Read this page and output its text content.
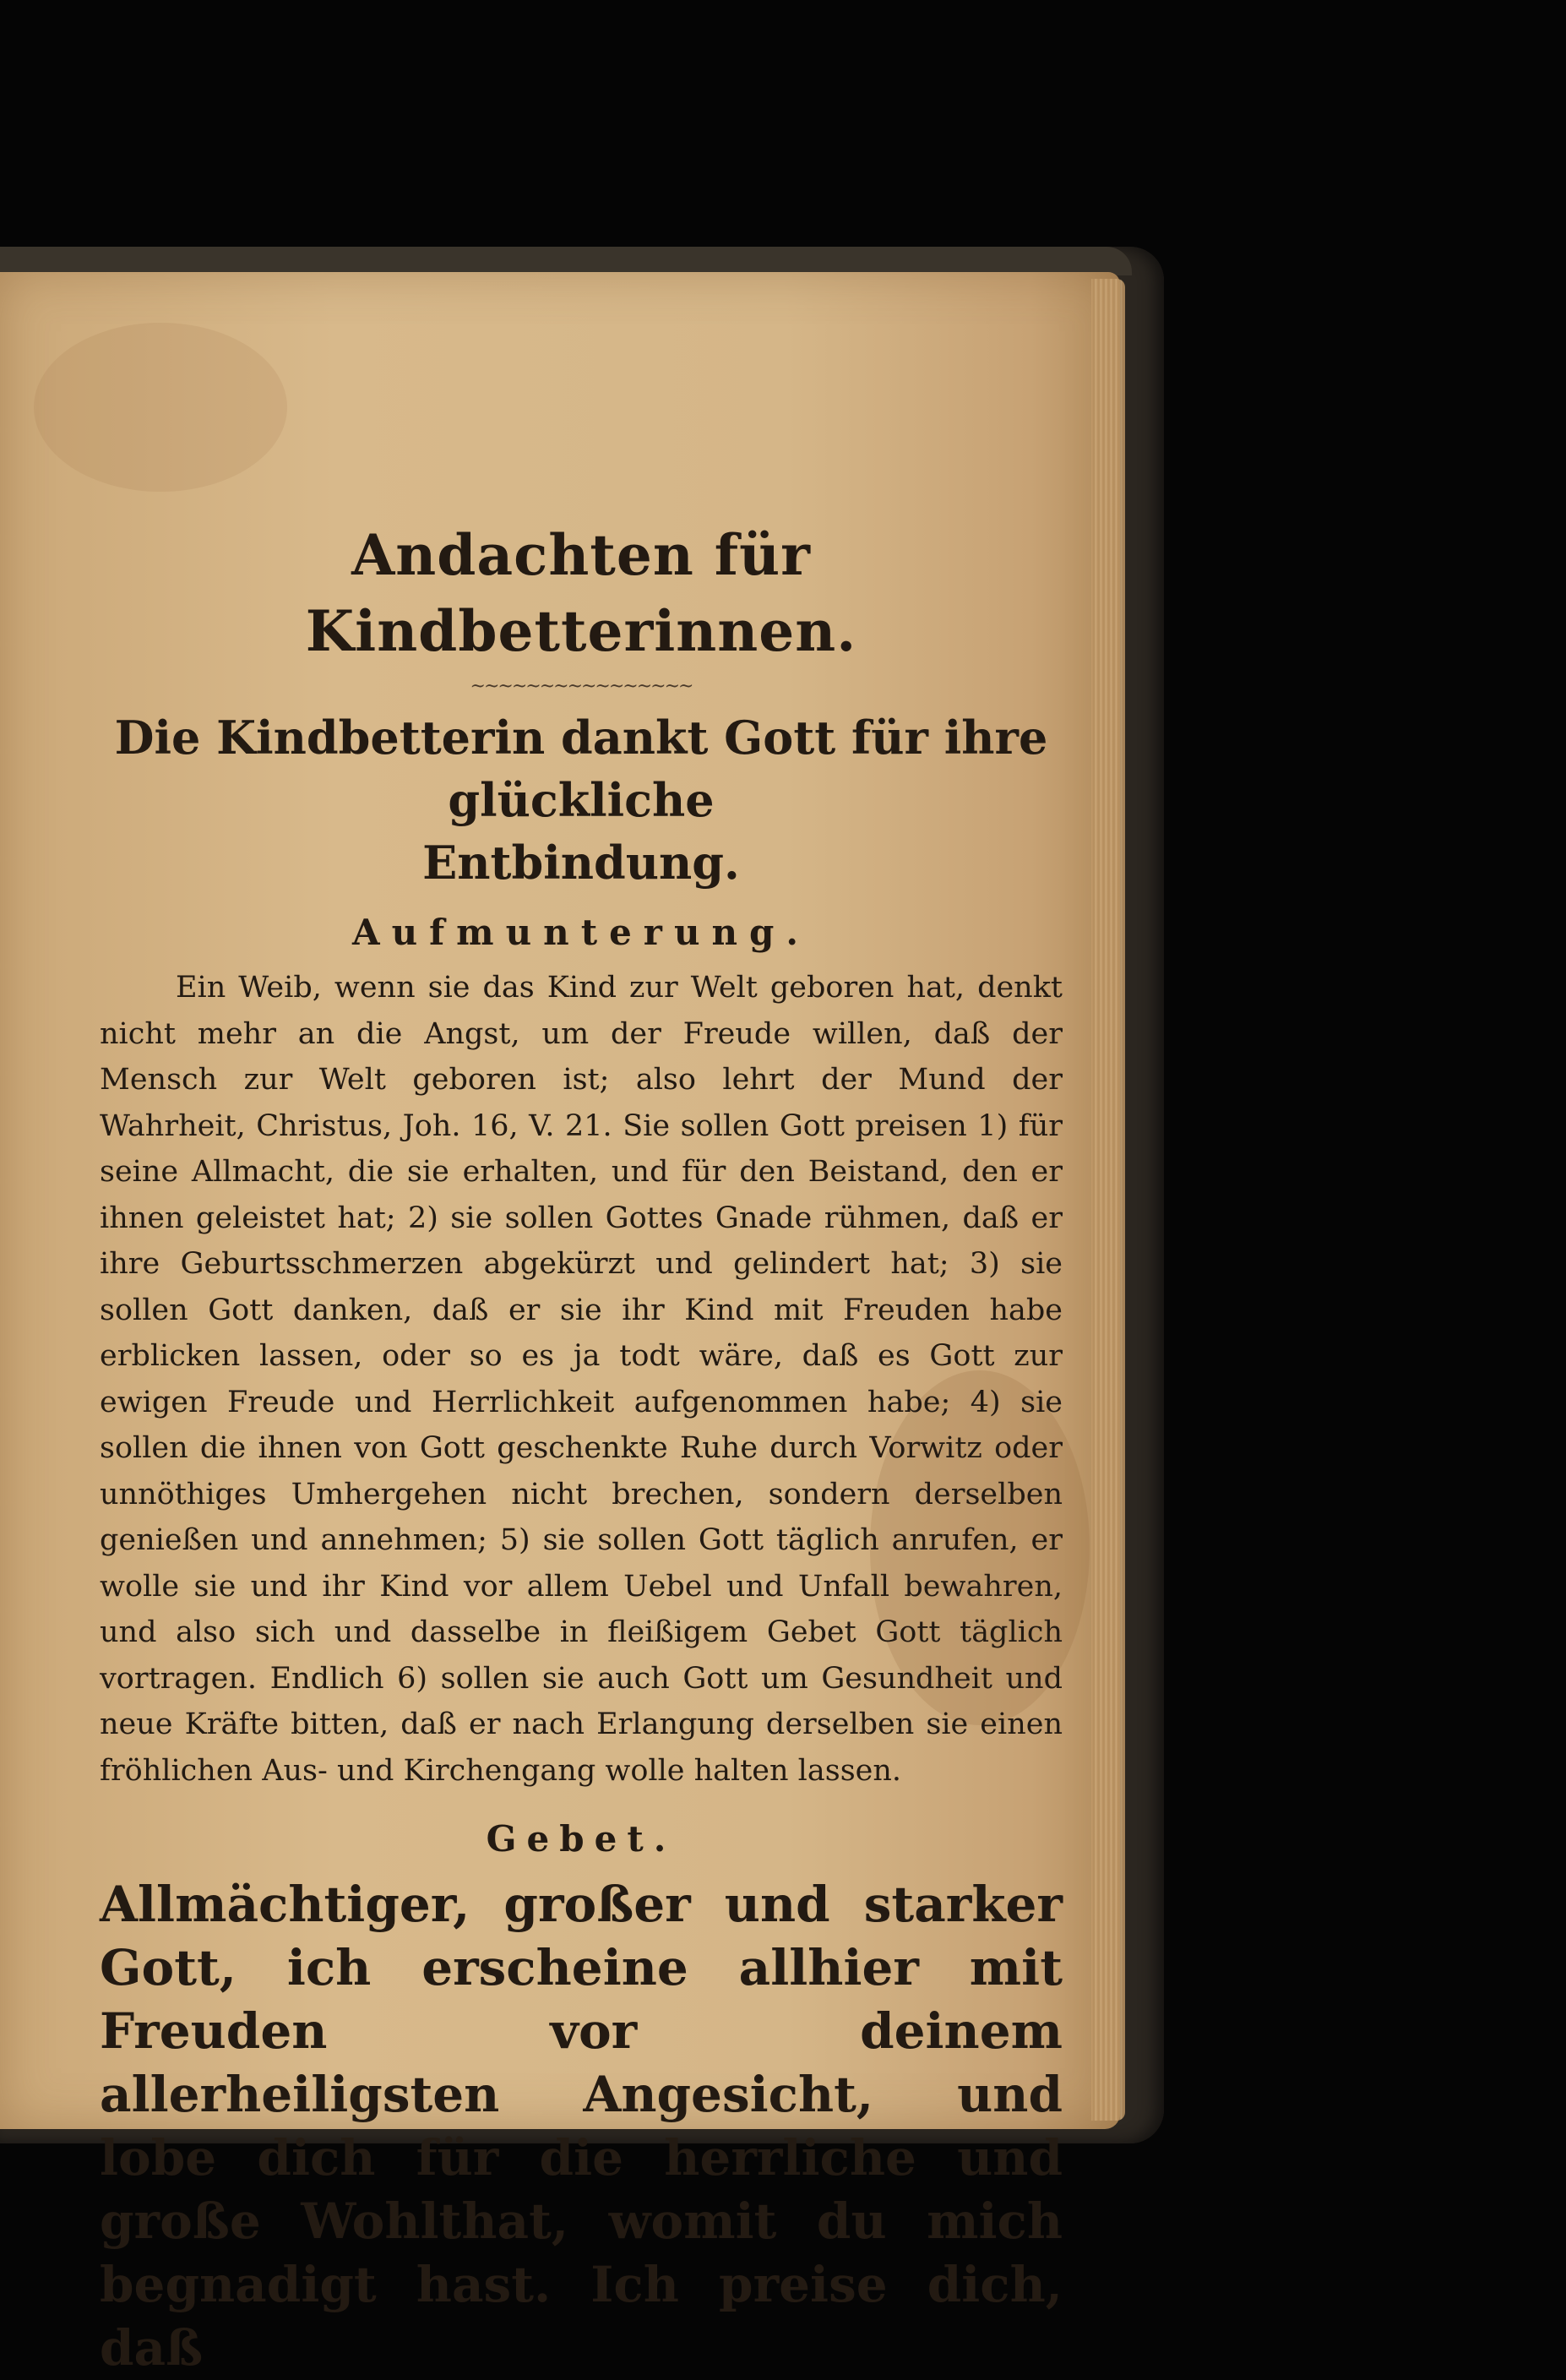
Andachten für Kindbetterinnen.
~~~~~~~~~~~~~~~~
Die Kindbetterin dankt Gott für ihre glückliche
Entbindung.
Aufmunterung.

Ein Weib, wenn sie das Kind zur Welt geboren hat, denkt nicht mehr an die Angst, um der Freude willen, daß der Mensch zur Welt geboren ist; also lehrt der Mund der Wahrheit, Christus, Joh. 16, V. 21. Sie sollen Gott preisen 1) für seine Allmacht, die sie erhalten, und für den Beistand, den er ihnen geleistet hat; 2) sie sollen Gottes Gnade rühmen, daß er ihre Geburtsschmerzen abgekürzt und gelindert hat; 3) sie sollen Gott danken, daß er sie ihr Kind mit Freuden habe erblicken lassen, oder so es ja todt wäre, daß es Gott zur ewigen Freude und Herrlichkeit aufgenommen habe; 4) sie sollen die ihnen von Gott geschenkte Ruhe durch Vorwitz oder unnöthiges Umhergehen nicht brechen, sondern derselben genießen und annehmen; 5) sie sollen Gott täglich anrufen, er wolle sie und ihr Kind vor allem Uebel und Unfall bewahren, und also sich und dasselbe in fleißigem Gebet Gott täglich vortragen. Endlich 6) sollen sie auch Gott um Gesundheit und neue Kräfte bitten, daß er nach Erlangung derselben sie einen fröhlichen Aus- und Kirchengang wolle halten lassen.

Gebet.

Allmächtiger, großer und starker Gott, ich erscheine allhier mit Freuden vor deinem allerheiligsten Angesicht, und lobe dich für die herrliche und große Wohlthat, womit du mich begnadigt hast. Ich preise dich, daß
